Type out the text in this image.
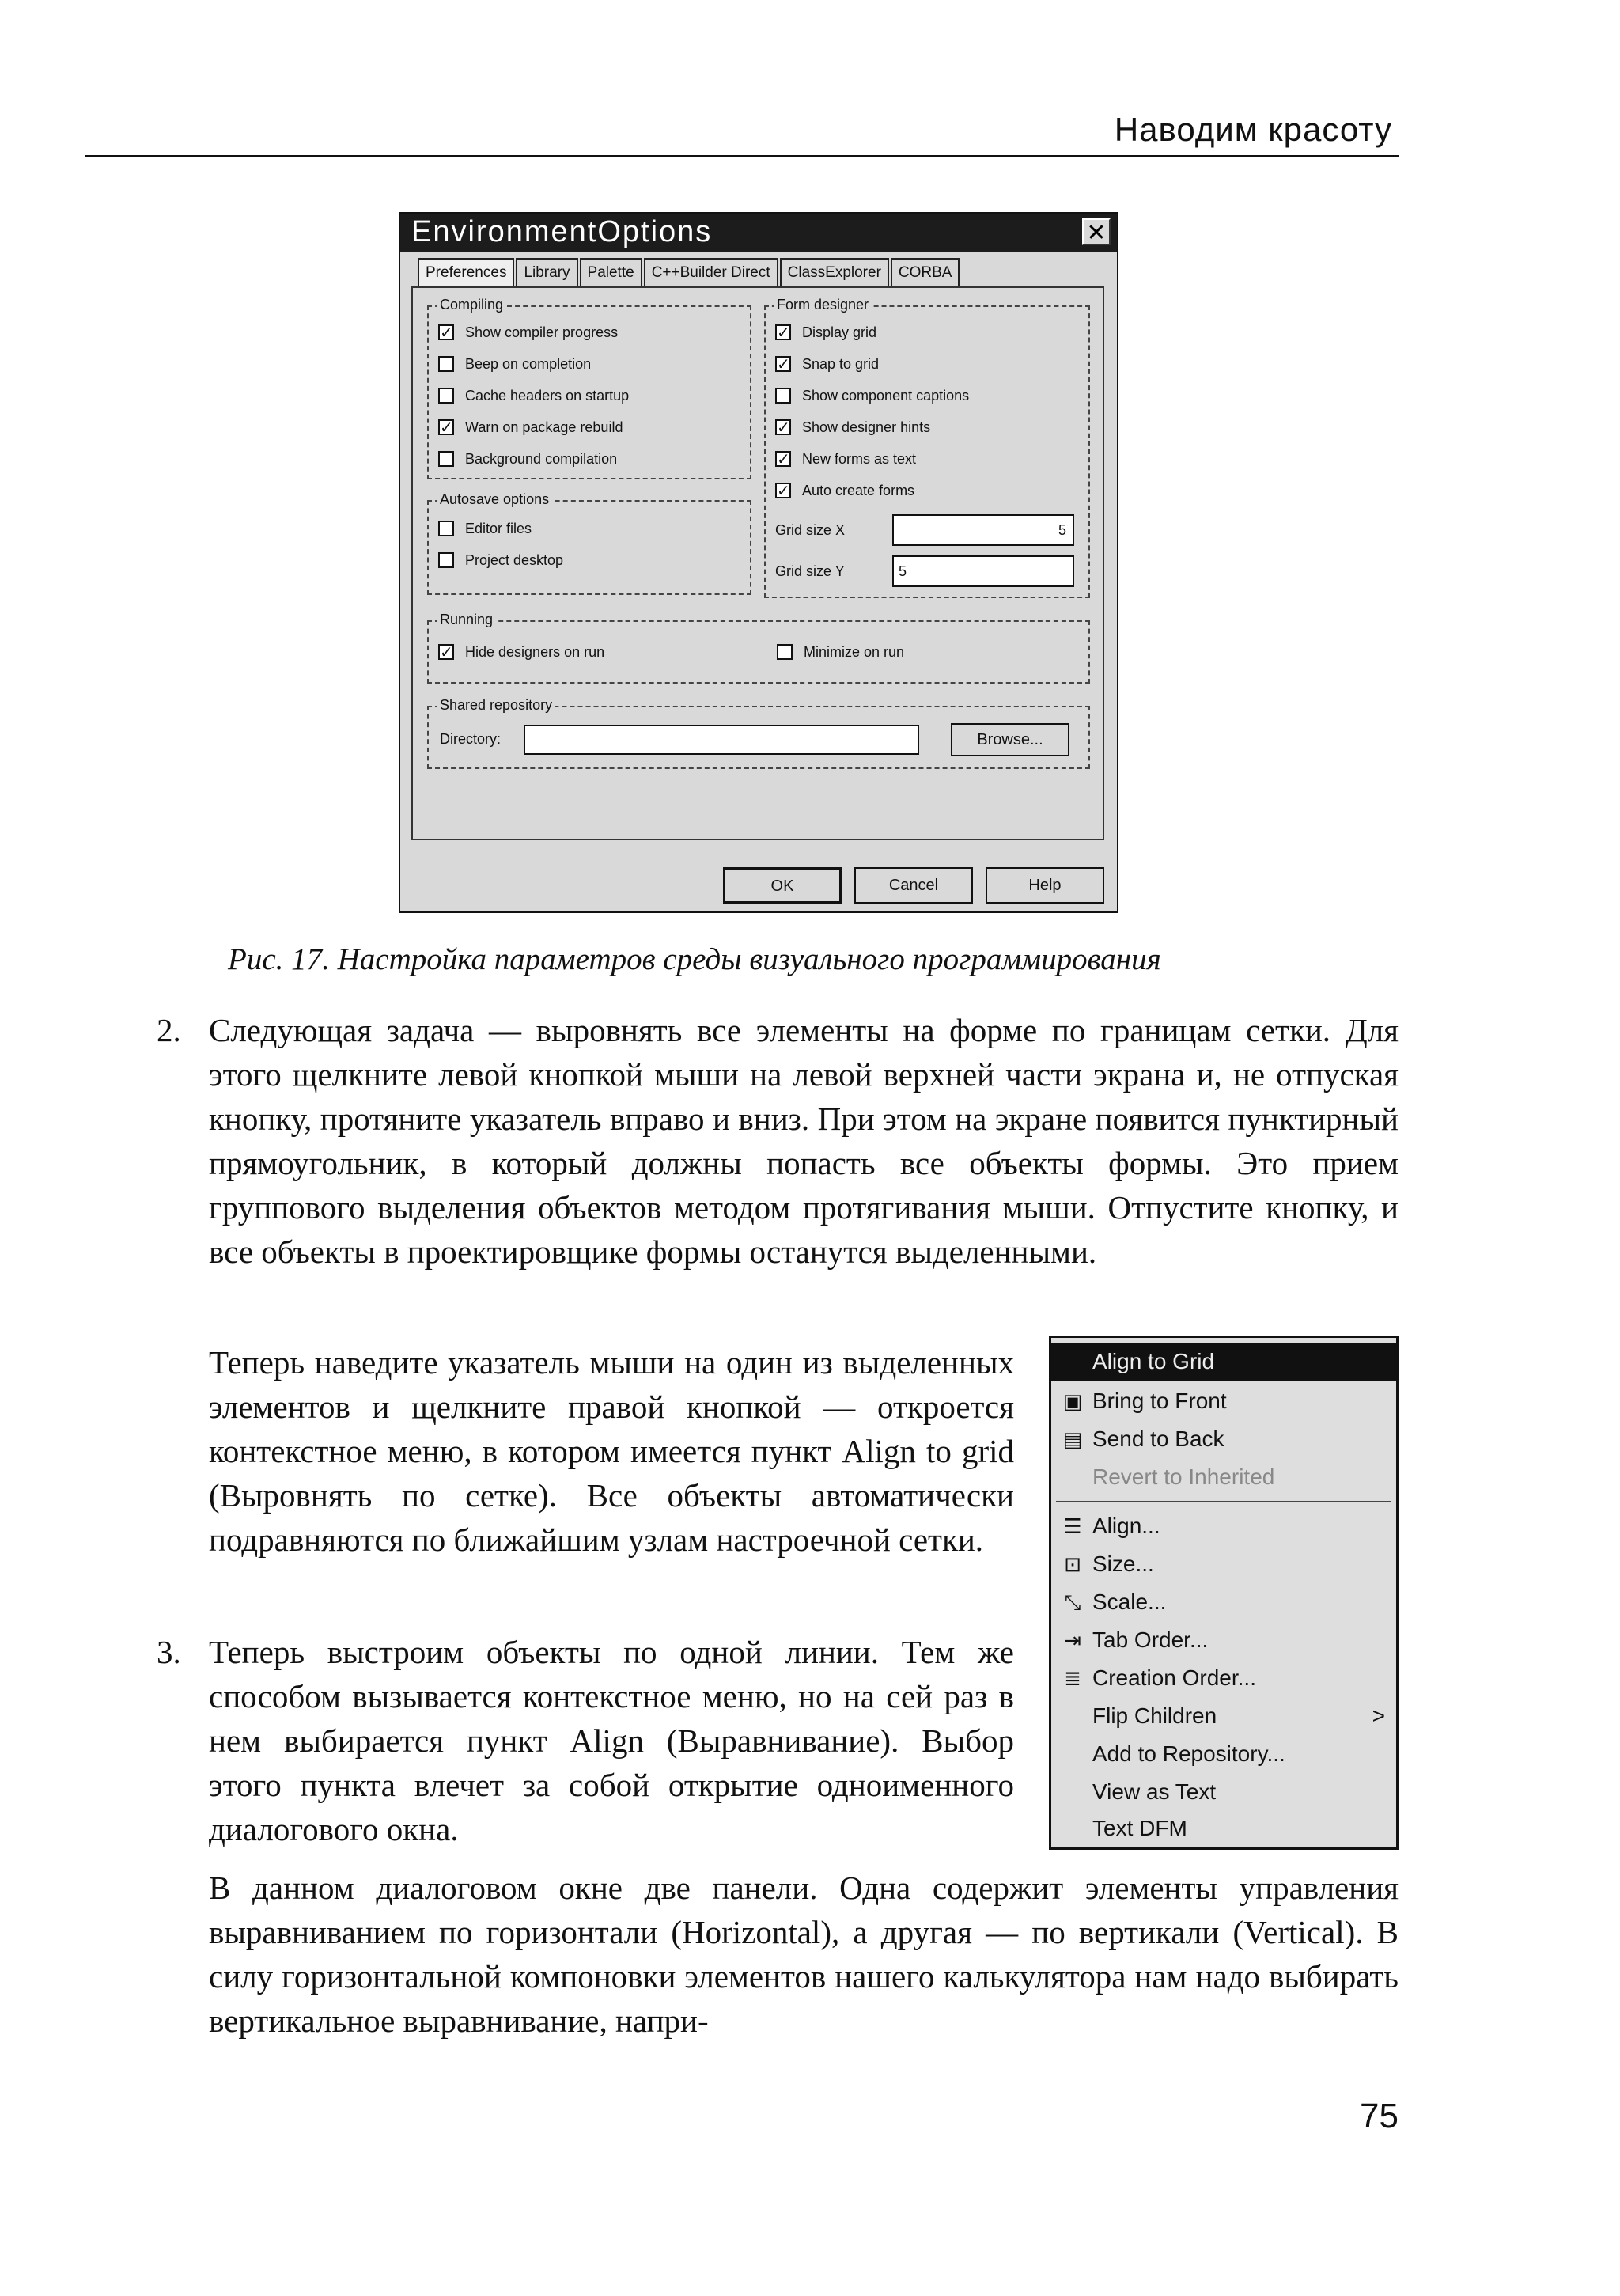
Наводим красоту
EnvironmentOptions	✕
Preferences	Library	Palette	C++Builder Direct	ClassExplorer	CORBA
Compiling
✓ Show compiler progress
Beep on completion
Cache headers on startup
✓ Warn on package rebuild
Background compilation
Autosave options
Editor files
Project desktop
Form designer
✓ Display grid
✓ Snap to grid
Show component captions
✓ Show designer hints
✓ New forms as text
✓ Auto create forms
Grid size X	5
Grid size Y	5
Running
✓ Hide designers on run	Minimize on run
Shared repository
Directory:	Browse...
OK	Cancel	Help
Рис. 17. Настройка параметров среды визуального программирования
2. Следующая задача — выровнять все элементы на форме по границам сетки. Для этого щелкните левой кнопкой мыши на левой верхней части экрана и, не отпуская кнопку, протяните указатель вправо и вниз. При этом на экране появится пунктирный прямоугольник, в который должны попасть все объекты формы. Это прием группового выделения объектов методом протягивания мыши. Отпустите кнопку, и все объекты в проектировщике формы останутся выделенными.
Теперь наведите указатель мыши на один из выделенных элементов и щелкните правой кнопкой — откроется контекстное меню, в котором имеется пункт Align to grid (Выровнять по сетке). Все объекты автоматически подравняются по ближайшим узлам настроечной сетки.
3. Теперь выстроим объекты по одной линии. Тем же способом вызывается контекстное меню, но на сей раз в нем выбирается пункт Align (Выравнивание). Выбор этого пункта влечет за собой открытие одноименного диалогового окна.
Align to Grid
▣ Bring to Front
▤ Send to Back
Revert to Inherited
☰ Align...
⊡ Size...
⤡ Scale...
⇥ Tab Order...
≣ Creation Order...
Flip Children	>
Add to Repository...
View as Text
Text DFM
В данном диалоговом окне две панели. Одна содержит элементы управления выравниванием по горизонтали (Horizontal), а другая — по вертикали (Vertical). В силу горизонтальной компоновки элементов нашего калькулятора нам надо выбирать вертикальное выравнивание, напри-
75
